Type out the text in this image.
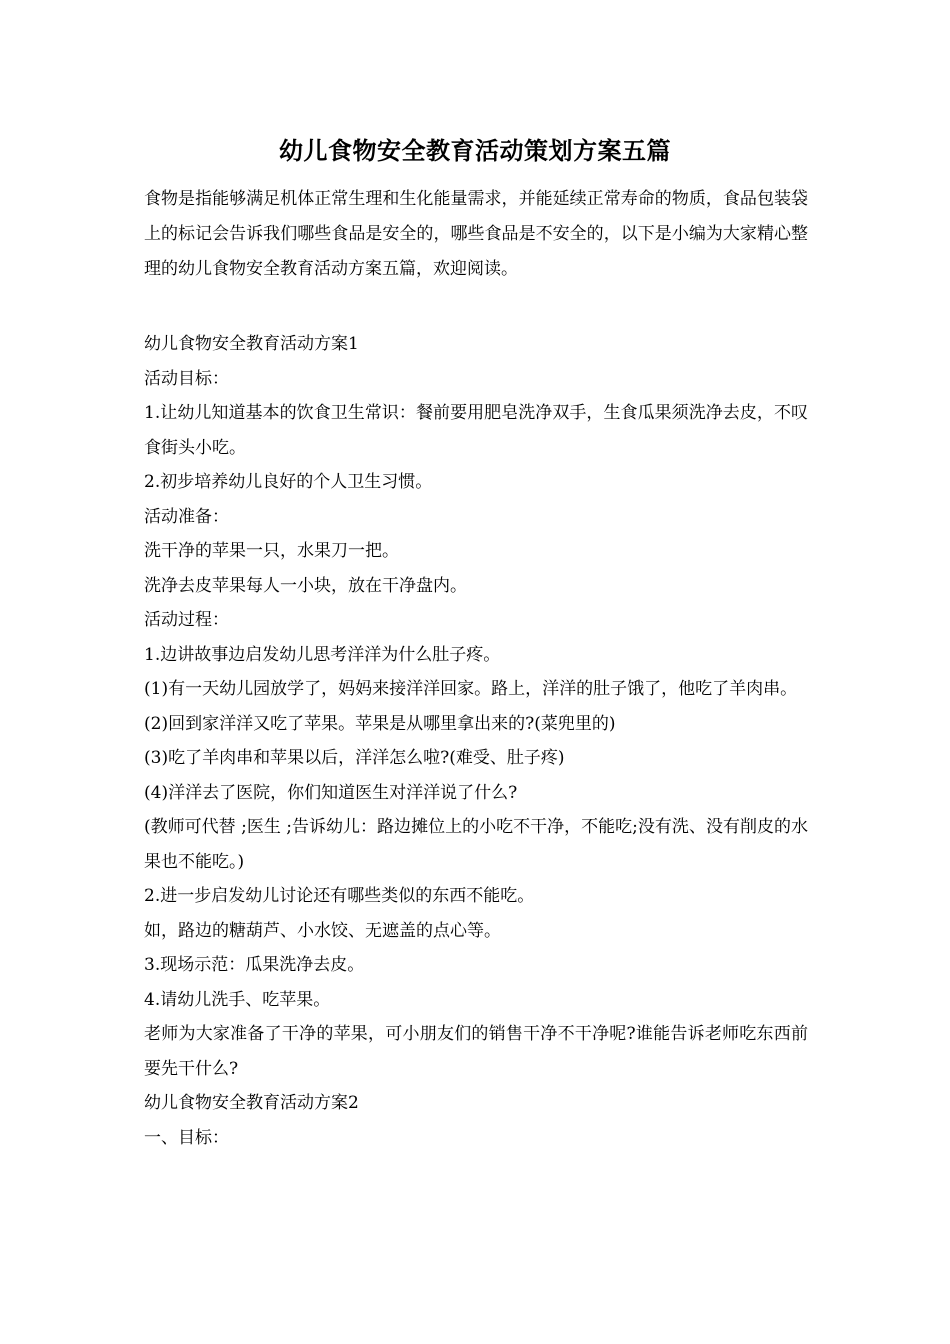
幼儿食物安全教育活动策划方案五篇

食物是指能够满足机体正常生理和生化能量需求，并能延续正常寿命的物质，食品包装袋上的标记会告诉我们哪些食品是安全的，哪些食品是不安全的，以下是小编为大家精心整理的幼儿食物安全教育活动方案五篇，欢迎阅读。

幼儿食物安全教育活动方案1

活动目标：

1.让幼儿知道基本的饮食卫生常识：餐前要用肥皂洗净双手，生食瓜果须洗净去皮，不叹食街头小吃。

2.初步培养幼儿良好的个人卫生习惯。

活动准备：

洗干净的苹果一只，水果刀一把。

洗净去皮苹果每人一小块，放在干净盘内。

活动过程：

1.边讲故事边启发幼儿思考洋洋为什么肚子疼。

(1)有一天幼儿园放学了，妈妈来接洋洋回家。路上，洋洋的肚子饿了，他吃了羊肉串。

(2)回到家洋洋又吃了苹果。苹果是从哪里拿出来的?(菜兜里的)

(3)吃了羊肉串和苹果以后，洋洋怎么啦?(难受、肚子疼)

(4)洋洋去了医院，你们知道医生对洋洋说了什么?

(教师可代替 ;医生 ;告诉幼儿：路边摊位上的小吃不干净，不能吃;没有洗、没有削皮的水果也不能吃。)

2.进一步启发幼儿讨论还有哪些类似的东西不能吃。

如，路边的糖葫芦、小水饺、无遮盖的点心等。

3.现场示范：瓜果洗净去皮。

4.请幼儿洗手、吃苹果。

老师为大家准备了干净的苹果，可小朋友们的销售干净不干净呢?谁能告诉老师吃东西前要先干什么?

幼儿食物安全教育活动方案2

一、目标：
